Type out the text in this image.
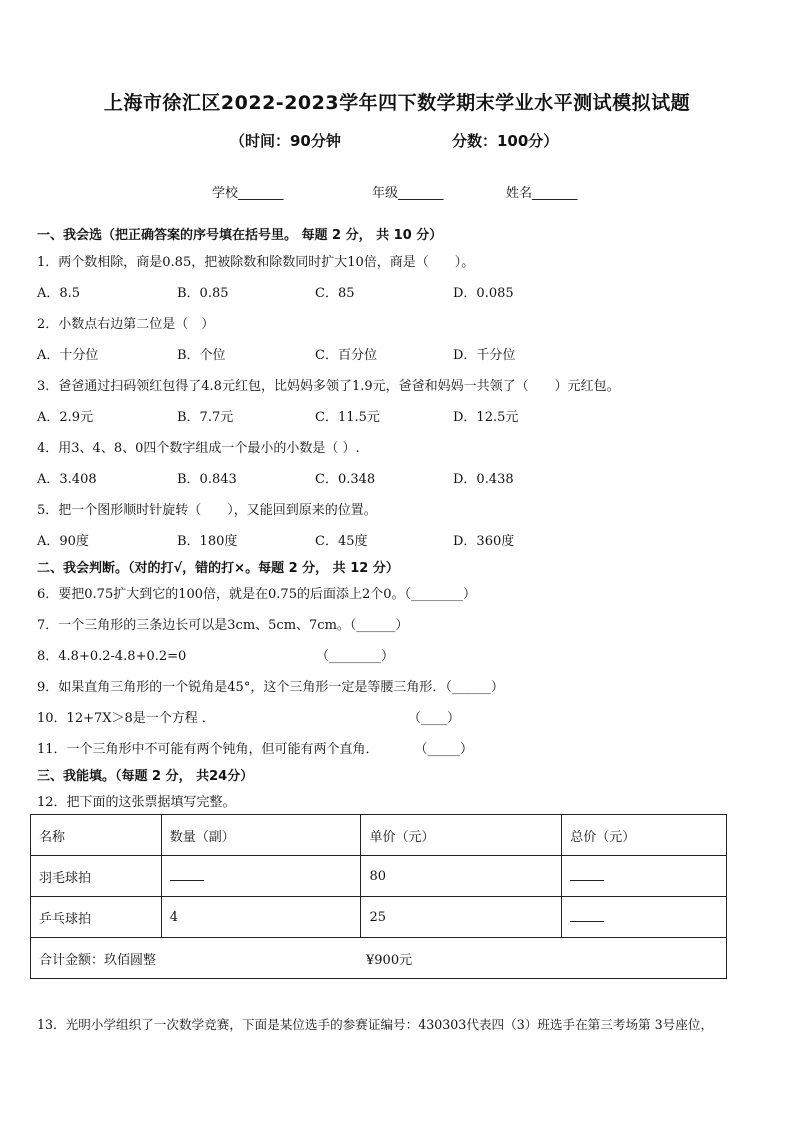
上海市徐汇区2022-2023学年四下数学期末学业水平测试模拟试题
（时间：90分钟	分数：100分）
学校_______	年级_______	姓名_______
一、我会选（把正确答案的序号填在括号里。 每题 2 分， 共 10 分）
1．两个数相除，商是0.85，把被除数和除数同时扩大10倍，商是（　　）。
A．8.5	B．0.85	C．85	D．0.085
2．小数点右边第二位是（　）
A．十分位	B．个位	C．百分位	D．千分位
3．爸爸通过扫码领红包得了4.8元红包，比妈妈多领了1.9元，爸爸和妈妈一共领了（　　）元红包。
A．2.9元	B．7.7元	C．11.5元	D．12.5元
4．用3、4、8、0四个数字组成一个最小的小数是（ ）.
A．3.408	B．0.843	C．0.348	D．0.438
5．把一个图形顺时针旋转（　　），又能回到原来的位置。
A．90度	B．180度	C．45度	D．360度
二、我会判断。（对的打√，错的打×。每题 2 分， 共 12 分）
6．要把0.75扩大到它的100倍，就是在0.75的后面添上2个0。（________）
7．一个三角形的三条边长可以是3cm、5cm、7cm。（______）
8．4.8+0.2-4.8+0.2=0	（________）
9．如果直角三角形的一个锐角是45°，这个三角形一定是等腰三角形．（______）
10．12+7X＞8是一个方程 ．	（____）
11．一个三角形中不可能有两个钝角，但可能有两个直角．	（_____）
三、我能填。（每题 2 分， 共24分）
12．把下面的这张票据填写完整。
名称	数量（副）	单价（元）	总价（元）
羽毛球拍		80	
乒乓球拍	4	25	
合计金额：玖佰圆整 ¥900元			
13．光明小学组织了一次数学竞赛，下面是某位选手的参赛证编号：430303代表四（3）班选手在第三考场第 3号座位，
